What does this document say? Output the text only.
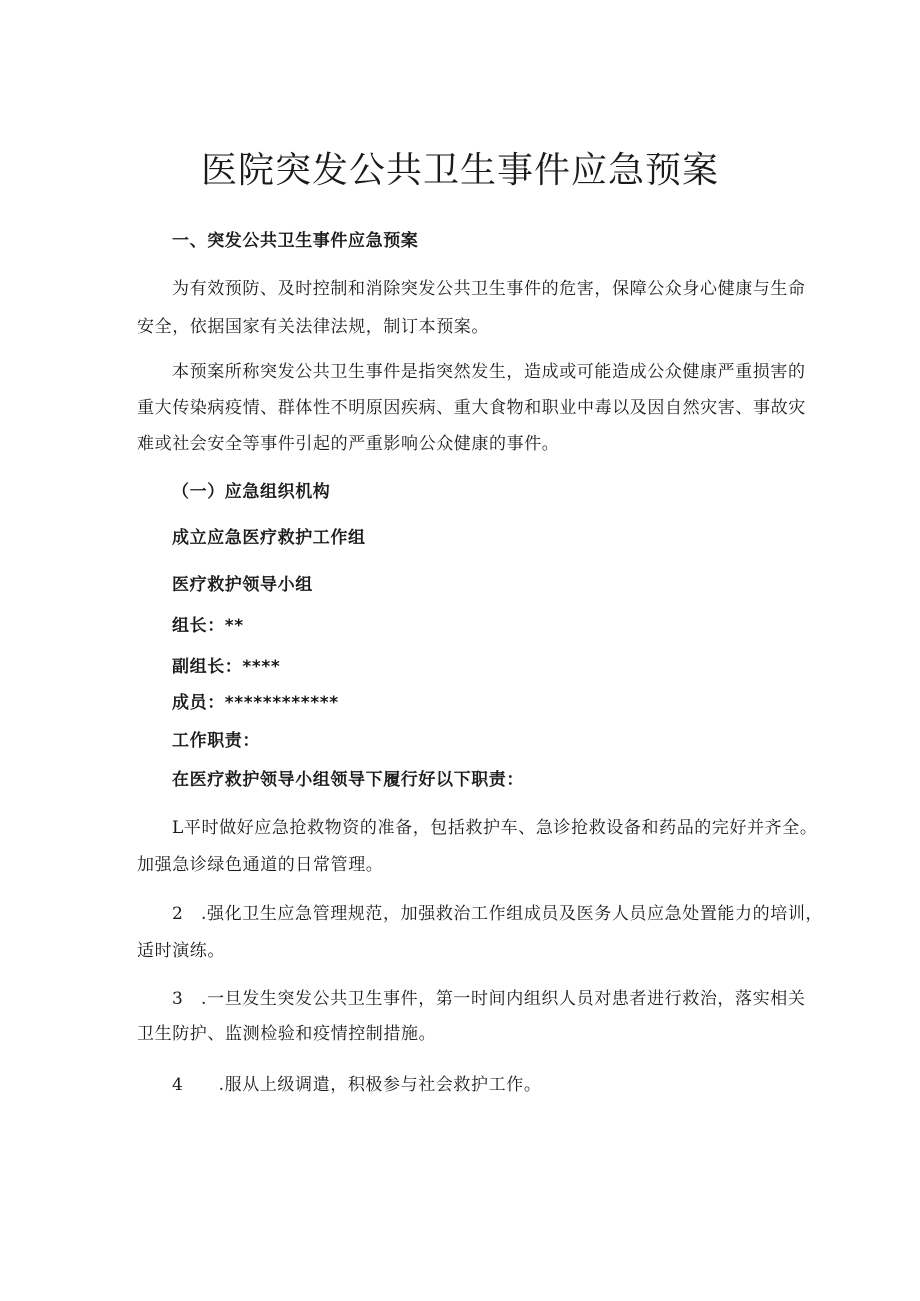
医院突发公共卫生事件应急预案

一、突发公共卫生事件应急预案

为有效预防、及时控制和消除突发公共卫生事件的危害，保障公众身心健康与生命

安全，依据国家有关法律法规，制订本预案。

本预案所称突发公共卫生事件是指突然发生，造成或可能造成公众健康严重损害的

重大传染病疫情、群体性不明原因疾病、重大食物和职业中毒以及因自然灾害、事故灾

难或社会安全等事件引起的严重影响公众健康的事件。

（一）应急组织机构

成立应急医疗救护工作组

医疗救护领导小组

组长：**

副组长：****

成员：************

工作职责：

在医疗救护领导小组领导下履行好以下职责：

L平时做好应急抢救物资的准备，包括救护车、急诊抢救设备和药品的完好并齐全。

加强急诊绿色通道的日常管理。

2　.强化卫生应急管理规范，加强救治工作组成员及医务人员应急处置能力的培训，

适时演练。

3　.一旦发生突发公共卫生事件，第一时间内组织人员对患者进行救治，落实相关

卫生防护、监测检验和疫情控制措施。

4　　.服从上级调遣，积极参与社会救护工作。
